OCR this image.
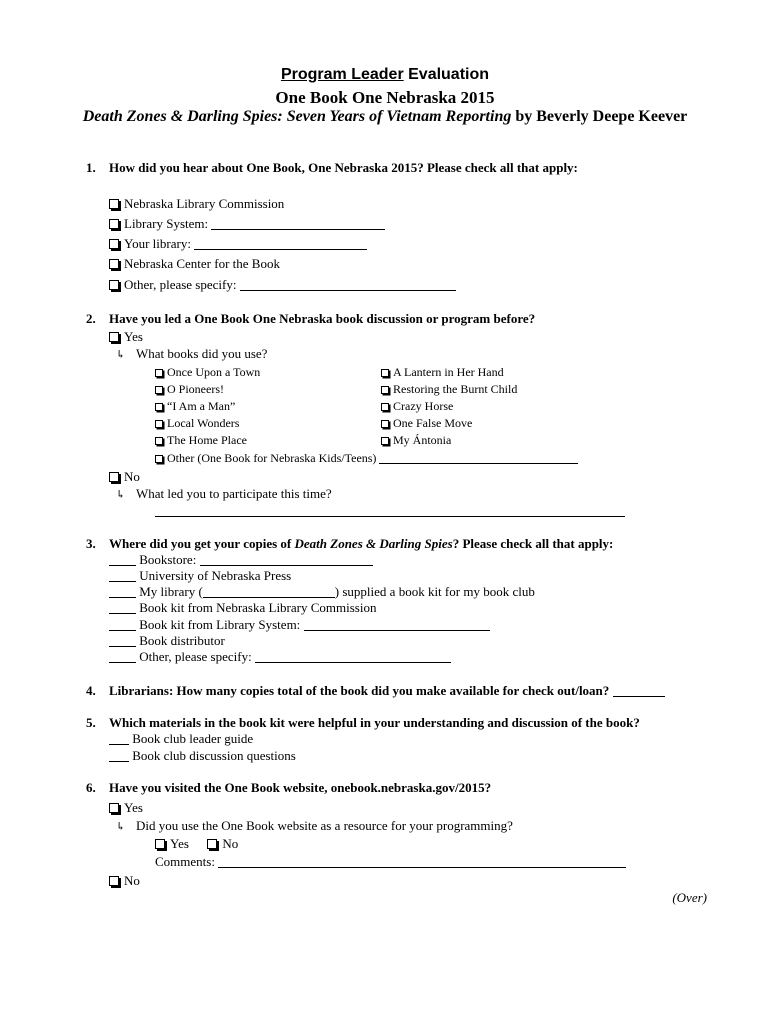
Program Leader Evaluation
One Book One Nebraska 2015
Death Zones & Darling Spies: Seven Years of Vietnam Reporting by Beverly Deepe Keever
1. How did you hear about One Book, One Nebraska 2015? Please check all that apply:
Nebraska Library Commission
Library System:
Your library:
Nebraska Center for the Book
Other, please specify:
2. Have you led a One Book One Nebraska book discussion or program before?
Yes
↳ What books did you use?
Once Upon a Town
O Pioneers!
“I Am a Man”
Local Wonders
The Home Place
A Lantern in Her Hand
Restoring the Burnt Child
Crazy Horse
One False Move
My Ántonia
Other (One Book for Nebraska Kids/Teens)
No
↳ What led you to participate this time?
3. Where did you get your copies of Death Zones & Darling Spies? Please check all that apply:
Bookstore:
University of Nebraska Press
My library (	) supplied a book kit for my book club
Book kit from Nebraska Library Commission
Book kit from Library System:
Book distributor
Other, please specify:
4. Librarians: How many copies total of the book did you make available for check out/loan?
5. Which materials in the book kit were helpful in your understanding and discussion of the book?
Book club leader guide
Book club discussion questions
6. Have you visited the One Book website, onebook.nebraska.gov/2015?
Yes
↳ Did you use the One Book website as a resource for your programming?
Yes	No
Comments:
No
(Over)
